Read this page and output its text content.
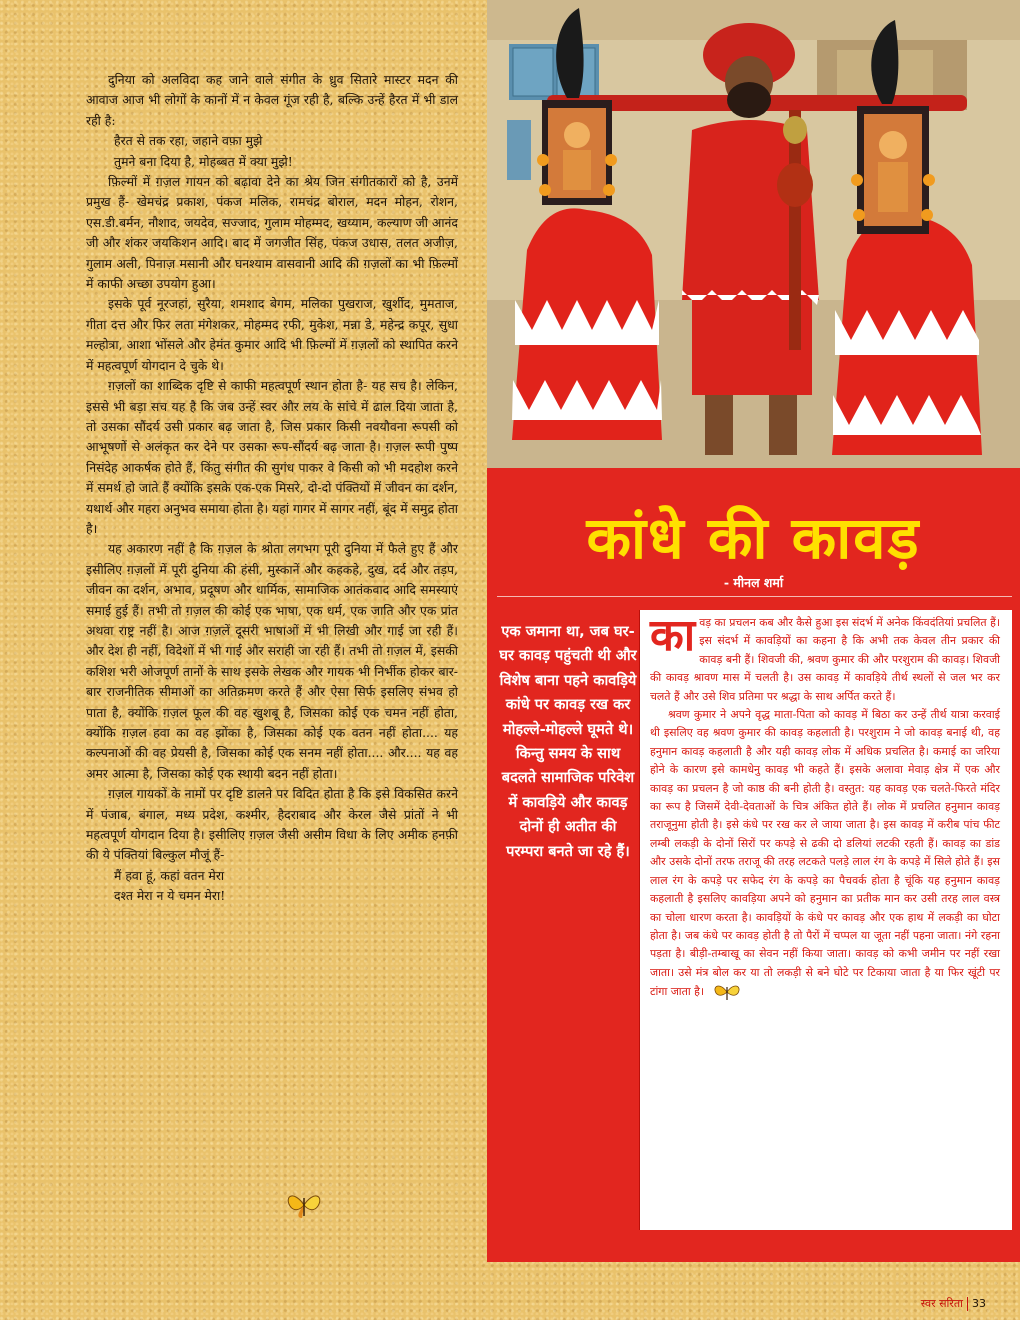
दुनिया को अलविदा कह जाने वाले संगीत के ध्रुव सितारे मास्टर मदन की आवाज आज भी लोगों के कानों में न केवल गूंज रही है, बल्कि उन्हें हैरत में भी डाल रही है:

हैरत से तक रहा, जहाने वफ़ा मुझे

तुमने बना दिया है, मोहब्बत में क्या मुझे!

फ़िल्मों में ग़ज़ल गायन को बढ़ावा देने का श्रेय जिन संगीतकारों को है, उनमें प्रमुख हैं- खेमचंद्र प्रकाश, पंकज मलिक, रामचंद्र बोराल, मदन मोहन, रोशन, एस.डी.बर्मन, नौशाद, जयदेव, सज्जाद, गुलाम मोहम्मद, खय्याम, कल्याण जी आनंद जी और शंकर जयकिशन आदि। बाद में जगजीत सिंह, पंकज उधास, तलत अजीज़, गुलाम अली, पिनाज़ मसानी और घनश्याम वासवानी आदि की ग़ज़लों का भी फ़िल्मों में काफी अच्छा उपयोग हुआ।

इसके पूर्व नूरजहां, सुरैया, शमशाद बेगम, मलिका पुखराज, खुर्शीद, मुमताज, गीता दत्त और फिर लता मंगेशकर, मोहम्मद रफी, मुकेश, मन्ना डे, महेन्द्र कपूर, सुधा मल्होत्रा, आशा भोंसले और हेमंत कुमार आदि भी फ़िल्मों में ग़ज़लों को स्थापित करने में महत्वपूर्ण योगदान दे चुके थे।

ग़ज़लों का शाब्दिक दृष्टि से काफी महत्वपूर्ण स्थान होता है- यह सच है। लेकिन, इससे भी बड़ा सच यह है कि जब उन्हें स्वर और लय के सांचे में ढाल दिया जाता है, तो उसका सौंदर्य उसी प्रकार बढ़ जाता है, जिस प्रकार किसी नवयौवना रूपसी को आभूषणों से अलंकृत कर देने पर उसका रूप-सौंदर्य बढ़ जाता है। ग़ज़ल रूपी पुष्प निसंदेह आकर्षक होते हैं, किंतु संगीत की सुगंध पाकर वे किसी को भी मदहोश करने में समर्थ हो जाते हैं क्योंकि इसके एक-एक मिसरे, दो-दो पंक्तियों में जीवन का दर्शन, यथार्थ और गहरा अनुभव समाया होता है। यहां गागर में सागर नहीं, बूंद में समुद्र होता है।

यह अकारण नहीं है कि ग़ज़ल के श्रोता लगभग पूरी दुनिया में फैले हुए हैं और इसीलिए ग़ज़लों में पूरी दुनिया की हंसी, मुस्कानें और कहकहे, दुख, दर्द और तड़प, जीवन का दर्शन, अभाव, प्रदूषण और धार्मिक, सामाजिक आतंकवाद आदि समस्याएं समाई हुई हैं। तभी तो ग़ज़ल की कोई एक भाषा, एक धर्म, एक जाति और एक प्रांत अथवा राष्ट्र नहीं है। आज ग़ज़लें दूसरी भाषाओं में भी लिखी और गाई जा रही हैं। और देश ही नहीं, विदेशों में भी गाई और सराही जा रही हैं। तभी तो ग़ज़ल में, इसकी कशिश भरी ओजपूर्ण तानों के साथ इसके लेखक और गायक भी निर्भीक होकर बार-बार राजनीतिक सीमाओं का अतिक्रमण करते हैं और ऐसा सिर्फ इसलिए संभव हो पाता है, क्योंकि ग़ज़ल फूल की वह खुशबू है, जिसका कोई एक चमन नहीं होता, क्योंकि ग़ज़ल हवा का वह झोंका है, जिसका कोई एक वतन नहीं होता.... यह कल्पनाओं की वह प्रेयसी है, जिसका कोई एक सनम नहीं होता.... और.... यह वह अमर आत्मा है, जिसका कोई एक स्थायी बदन नहीं होता।

ग़ज़ल गायकों के नामों पर दृष्टि डालने पर विदित होता है कि इसे विकसित करने में पंजाब, बंगाल, मध्य प्रदेश, कश्मीर, हैदराबाद और केरल जैसे प्रांतों ने भी महत्वपूर्ण योगदान दिया है। इसीलिए ग़ज़ल जैसी असीम विधा के लिए अमीक हनफ़ी की ये पंक्तियां बिल्कुल मौजूं हैं-

मैं हवा हूं, कहां वतन मेरा

दश्त मेरा न ये चमन मेरा!

कांधे की कावड़
- मीनल शर्मा
एक जमाना था, जब घर-घर कावड़ पहुंचती थी और विशेष बाना पहने कावड़िये कांधे पर कावड़ रख कर मोहल्ले-मोहल्ले घूमते थे। किन्तु समय के साथ बदलते सामाजिक परिवेश में कावड़िये और कावड़ दोनों ही अतीत की परम्परा बनते जा रहे हैं।

कावड़ का प्रचलन कब और कैसे हुआ इस संदर्भ में अनेक किंवदंतियां प्रचलित हैं। इस संदर्भ में कावड़ियों का कहना है कि अभी तक केवल तीन प्रकार की कावड़ बनी हैं। शिवजी की, श्रवण कुमार की और परशुराम की कावड़। शिवजी की कावड़ श्रावण मास में चलती है। उस कावड़ में कावड़िये तीर्थ स्थलों से जल भर कर चलते हैं और उसे शिव प्रतिमा पर श्रद्धा के साथ अर्पित करते हैं।

श्रवण कुमार ने अपने वृद्ध माता-पिता को कावड़ में बिठा कर उन्हें तीर्थ यात्रा करवाई थी इसलिए वह श्रवण कुमार की कावड़ कहलाती है। परशुराम ने जो कावड़ बनाई थी, वह हनुमान कावड़ कहलाती है और यही कावड़ लोक में अधिक प्रचलित है। कमाई का जरिया होने के कारण इसे कामधेनु कावड़ भी कहते हैं। इसके अलावा मेवाड़ क्षेत्र में एक और कावड़ का प्रचलन है जो काष्ठ की बनी होती है। वस्तुत: यह कावड़ एक चलते-फिरते मंदिर का रूप है जिसमें देवी-देवताओं के चित्र अंकित होते हैं। लोक में प्रचलित हनुमान कावड़ तराजूनुमा होती है। इसे कंधे पर रख कर ले जाया जाता है। इस कावड़ में करीब पांच फीट लम्बी लकड़ी के दोनों सिरों पर कपड़े से ढकी दो डलियां लटकी रहती हैं। कावड़ का डांड और उसके दोनों तरफ तराजू की तरह लटकते पलड़े लाल रंग के कपड़े में सिले होते हैं। इस लाल रंग के कपड़े पर सफेद रंग के कपड़े का पैचवर्क होता है चूंकि यह हनुमान कावड़ कहलाती है इसलिए कावड़िया अपने को हनुमान का प्रतीक मान कर उसी तरह लाल वस्त्र का चोला धारण करता है। कावड़ियों के कंधे पर कावड़ और एक हाथ में लकड़ी का घोटा होता है। जब कंधे पर कावड़ होती है तो पैरों में चप्पल या जूता नहीं पहना जाता। नंगे रहना पड़ता है। बीड़ी-तम्बाखू का सेवन नहीं किया जाता। कावड़ को कभी जमीन पर नहीं रखा जाता। उसे मंत्र बोल कर या तो लकड़ी से बने घोटे पर टिकाया जाता है या फिर खूंटी पर टांगा जाता है।

स्वर सरिता 33
